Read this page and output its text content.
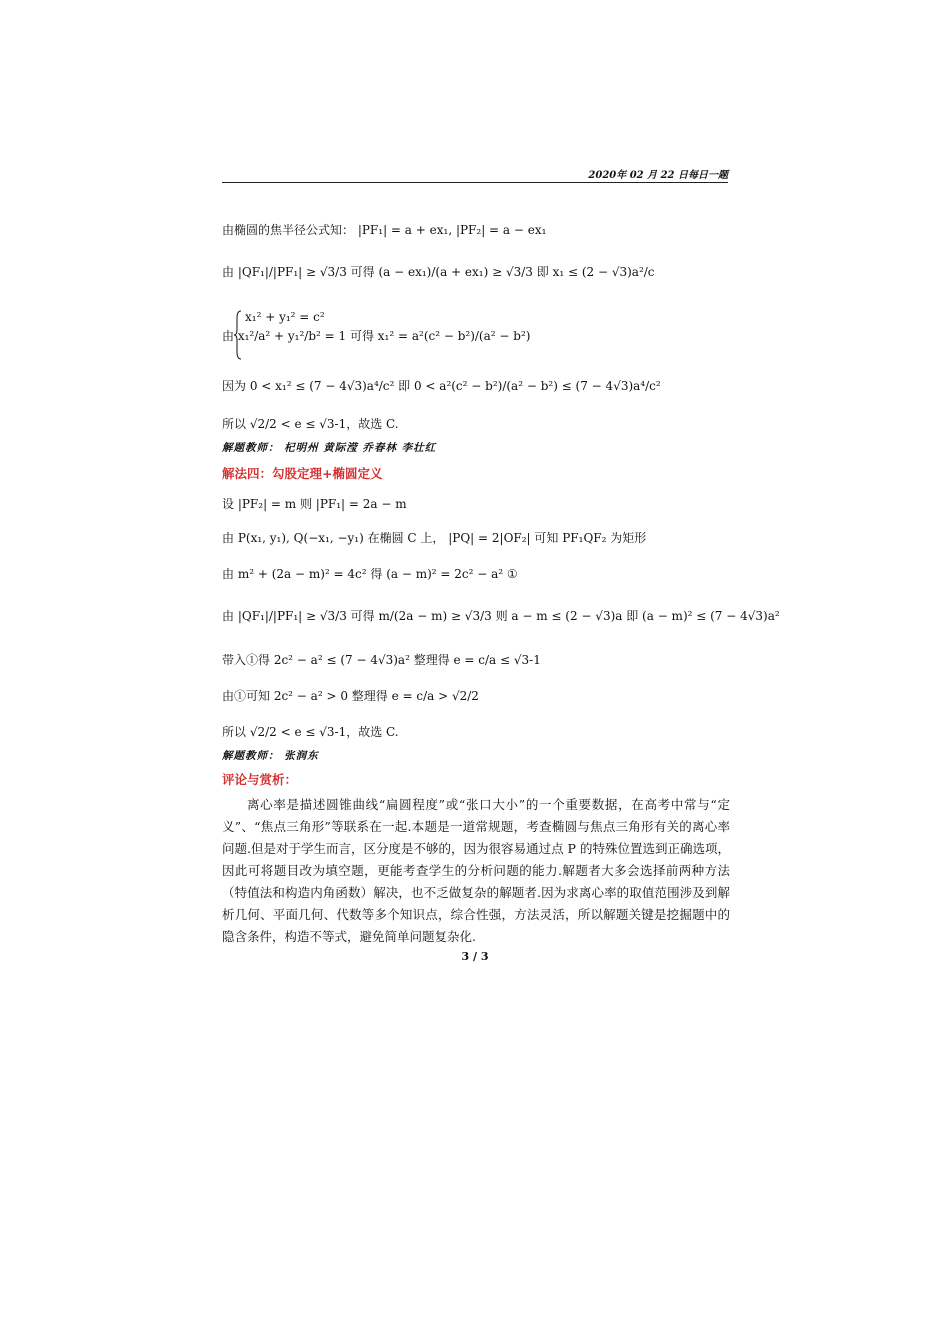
2020年 02 月 22 日每日一题
由椭圆的焦半径公式知： |PF₁| = a + ex₁, |PF₂| = a − ex₁
由 |QF₁|/|PF₁| ≥ √3/3 可得 (a − ex₁)/(a + ex₁) ≥ √3/3 即 x₁ ≤ (2 − √3)a²/c
x₁² + y₁² = c²
由 x₁²/a² + y₁²/b² = 1 可得 x₁² = a²(c² − b²)/(a² − b²)
因为 0 < x₁² ≤ (7 − 4√3)a⁴/c² 即 0 < a²(c² − b²)/(a² − b²) ≤ (7 − 4√3)a⁴/c²
所以 √2/2 < e ≤ √3-1，故选 C.
解题教师： 杞明州 黄际滢 乔春林 李壮红
解法四：勾股定理+椭圆定义
设 |PF₂| = m 则 |PF₁| = 2a − m
由 P(x₁, y₁), Q(−x₁, −y₁) 在椭圆 C 上， |PQ| = 2|OF₂| 可知 PF₁QF₂ 为矩形
由 m² + (2a − m)² = 4c² 得 (a − m)² = 2c² − a² ①
由 |QF₁|/|PF₁| ≥ √3/3 可得 m/(2a − m) ≥ √3/3 则 a − m ≤ (2 − √3)a 即 (a − m)² ≤ (7 − 4√3)a²
带入①得 2c² − a² ≤ (7 − 4√3)a² 整理得 e = c/a ≤ √3-1
由①可知 2c² − a² > 0 整理得 e = c/a > √2/2
所以 √2/2 < e ≤ √3-1，故选 C.
解题教师： 张润东
评论与赏析：
离心率是描述圆锥曲线“扁圆程度”或“张口大小”的一个重要数据，在高考中常与“定义”、“焦点三角形”等联系在一起.本题是一道常规题，考查椭圆与焦点三角形有关的离心率问题.但是对于学生而言，区分度是不够的，因为很容易通过点 P 的特殊位置选到正确选项，因此可将题目改为填空题，更能考查学生的分析问题的能力.解题者大多会选择前两种方法（特值法和构造内角函数）解决，也不乏做复杂的解题者.因为求离心率的取值范围涉及到解析几何、平面几何、代数等多个知识点，综合性强，方法灵活，所以解题关键是挖掘题中的隐含条件，构造不等式，避免简单问题复杂化.
3 / 3
